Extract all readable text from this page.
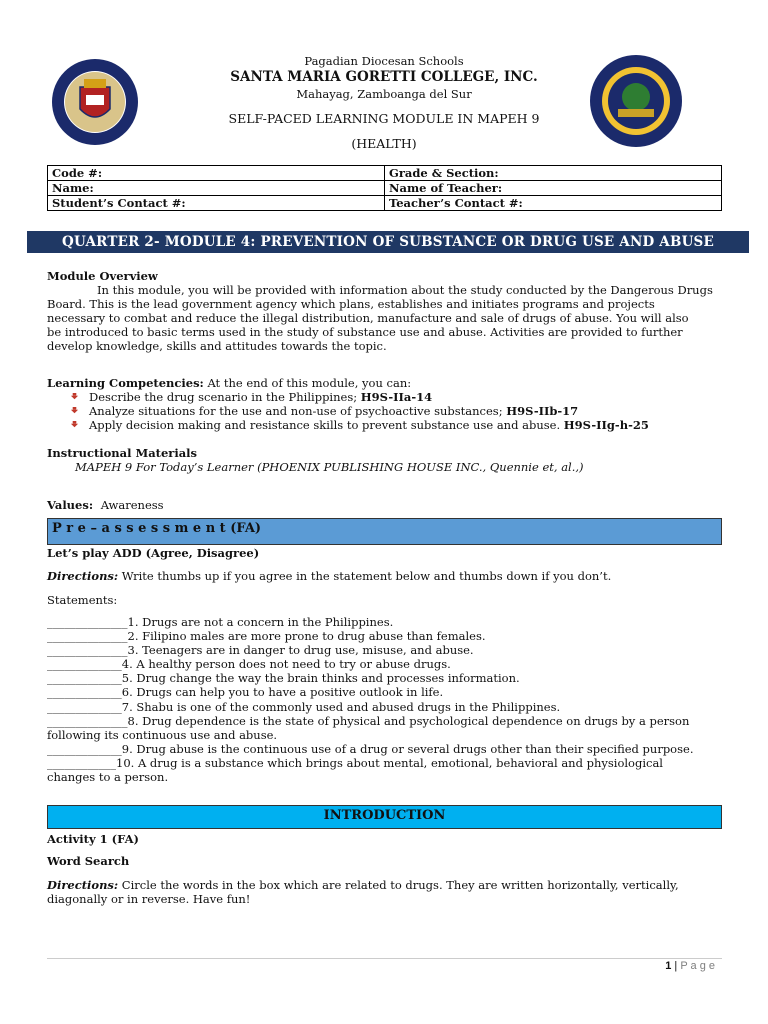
Pagadian Diocesan Schools
SANTA MARIA GORETTI COLLEGE, INC.
Mahayag, Zamboanga del Sur
SELF-PACED LEARNING MODULE IN MAPEH 9
(HEALTH)
Code #:	Grade & Section:
Name:	Name of Teacher:
Student’s Contact #:	Teacher’s Contact #:
QUARTER 2- MODULE 4: PREVENTION OF SUBSTANCE OR DRUG USE AND ABUSE
Module Overview
In this module, you will be provided with information about the study conducted by the Dangerous Drugs
Board. This is the lead government agency which plans, establishes and initiates programs and projects
necessary to combat and reduce the illegal distribution, manufacture and sale of drugs of abuse. You will also
be introduced to basic terms used in the study of substance use and abuse. Activities are provided to further
develop knowledge, skills and attitudes towards the topic.
Learning Competencies: At the end of this module, you can:
Describe the drug scenario in the Philippines; H9S-IIa-14
Analyze situations for the use and non-use of psychoactive substances; H9S-IIb-17
Apply decision making and resistance skills to prevent substance use and abuse. H9S-IIg-h-25
Instructional Materials
MAPEH 9 For Today’s Learner (PHOENIX PUBLISHING HOUSE INC., Quennie et, al.,)
Values: Awareness
P r e – a s s e s s m e n t (FA)
Let’s play ADD (Agree, Disagree)
Directions: Write thumbs up if you agree in the statement below and thumbs down if you don’t.
Statements:
______________1. Drugs are not a concern in the Philippines.
______________2. Filipino males are more prone to drug abuse than females.
______________3. Teenagers are in danger to drug use, misuse, and abuse.
_____________4. A healthy person does not need to try or abuse drugs.
_____________5. Drug change the way the brain thinks and processes information.
_____________6. Drugs can help you to have a positive outlook in life.
_____________7. Shabu is one of the commonly used and abused drugs in the Philippines.
______________8. Drug dependence is the state of physical and psychological dependence on drugs by a person
following its continuous use and abuse.
_____________9. Drug abuse is the continuous use of a drug or several drugs other than their specified purpose.
____________10. A drug is a substance which brings about mental, emotional, behavioral and physiological
changes to a person.
INTRODUCTION
Activity 1 (FA)
Word Search
Directions: Circle the words in the box which are related to drugs. They are written horizontally, vertically,
diagonally or in reverse. Have fun!
1 | P a g e
